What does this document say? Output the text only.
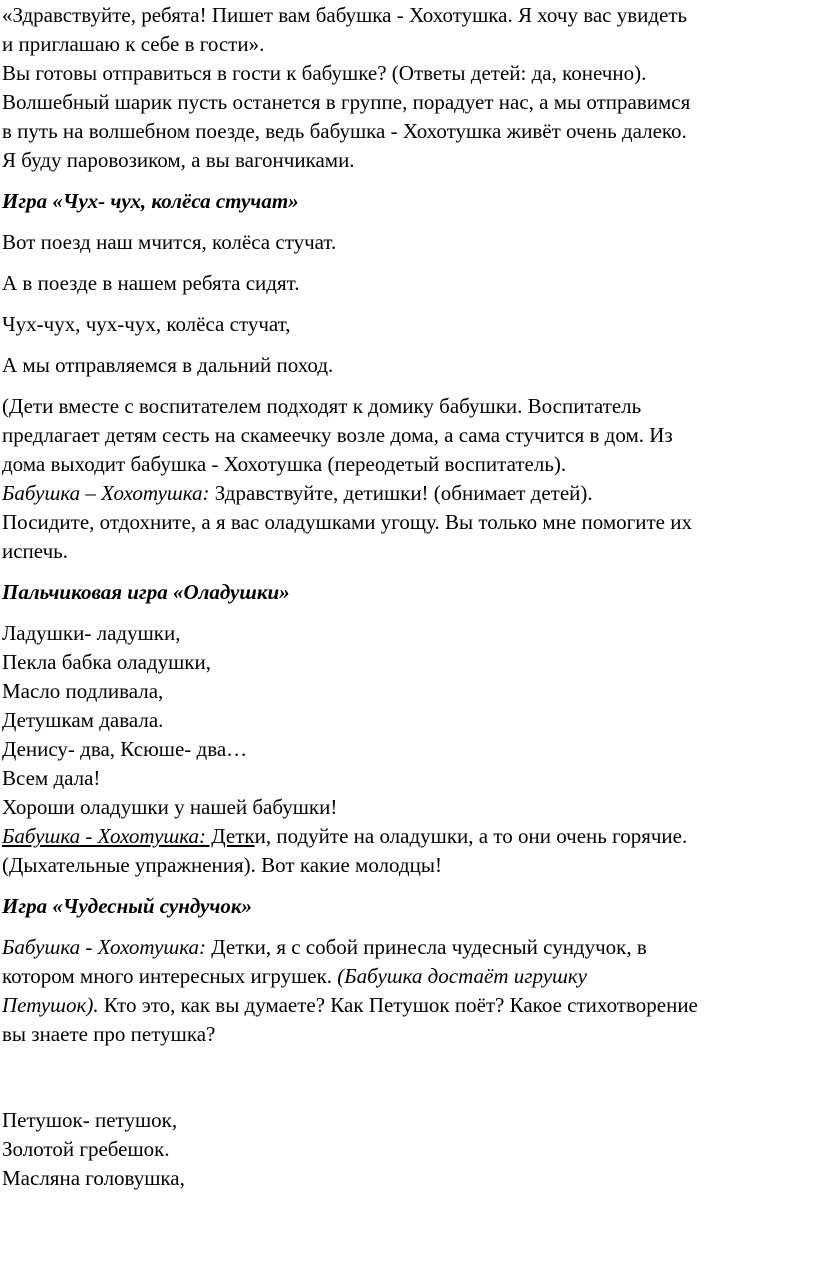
«Здравствуйте, ребята! Пишет вам бабушка - Хохотушка. Я хочу вас увидеть
и приглашаю к себе в гости».
Вы готовы отправиться в гости к бабушке? (Ответы детей: да, конечно).
Волшебный шарик пусть останется в группе, порадует нас, а мы отправимся
в путь на волшебном поезде, ведь бабушка - Хохотушка живёт очень далеко.
Я буду паровозиком, а вы вагончиками.
Игра «Чух- чух, колёса стучат»
Вот поезд наш мчится, колёса стучат.
А в поезде в нашем ребята сидят.
Чух-чух, чух-чух, колёса стучат,
А мы отправляемся в дальний поход.
(Дети вместе с воспитателем подходят к домику бабушки. Воспитатель
предлагает детям сесть на скамеечку возле дома, а сама стучится в дом. Из
дома выходит бабушка - Хохотушка (переодетый воспитатель).
Бабушка – Хохотушка: Здравствуйте, детишки! (обнимает детей).
Посидите, отдохните, а я вас оладушками угощу. Вы только мне помогите их
испечь.
Пальчиковая игра «Оладушки»
Ладушки- ладушки,
Пекла бабка оладушки,
Масло подливала,
Детушкам давала.
Денису- два, Ксюше- два…
Всем дала!
Хороши оладушки у нашей бабушки!
Бабушка - Хохотушка: Детки, подуйте на оладушки, а то они очень горячие.
(Дыхательные упражнения). Вот какие молодцы!
Игра «Чудесный сундучок»
Бабушка - Хохотушка: Детки, я с собой принесла чудесный сундучок, в
котором много интересных игрушек. (Бабушка достаёт игрушку
Петушок). Кто это, как вы думаете? Как Петушок поёт? Какое стихотворение
вы знаете про петушка?
Петушок- петушок,
Золотой гребешок.
Масляна головушка,
